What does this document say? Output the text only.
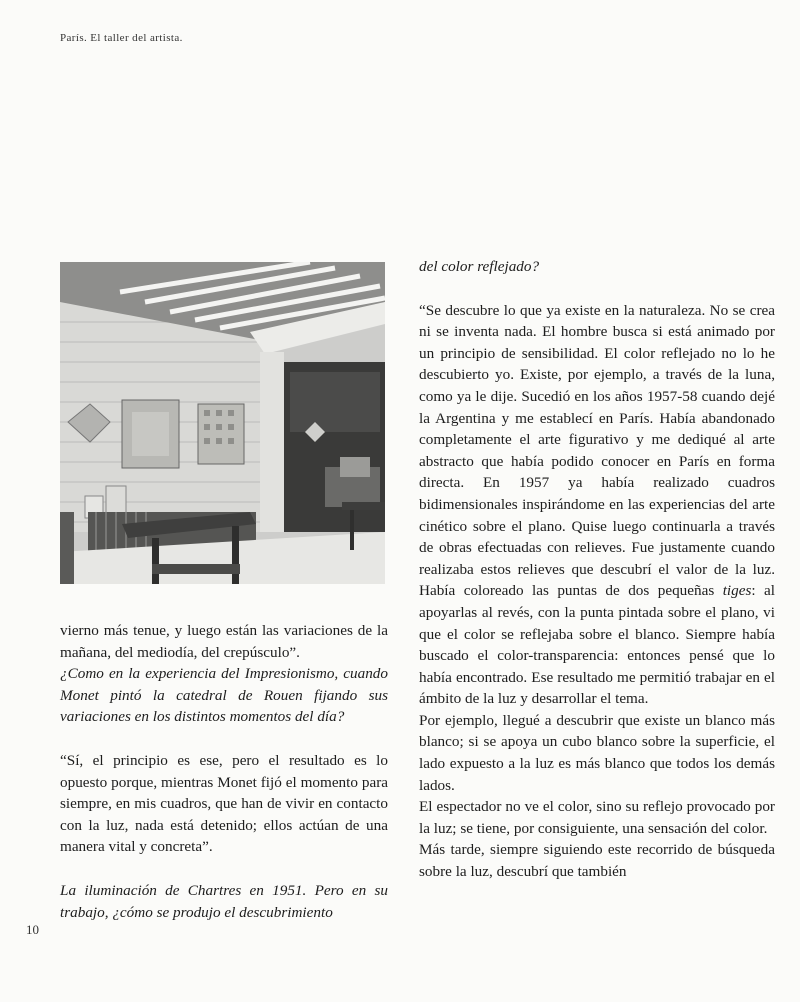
París. El taller del artista.

vierno más tenue, y luego están las variaciones de la mañana, del mediodía, del crepúsculo”.

¿Como en la experiencia del Impresionismo, cuando Monet pintó la catedral de Rouen fijando sus variaciones en los distintos momentos del día?

“Sí, el principio es ese, pero el resultado es lo opuesto porque, mientras Monet fijó el momento para siempre, en mis cuadros, que han de vivir en contacto con la luz, nada está detenido; ellos actúan de una manera vital y concreta”.

La iluminación de Chartres en 1951. Pero en su trabajo, ¿cómo se produjo el descubrimiento

del color reflejado?

“Se descubre lo que ya existe en la naturaleza. No se crea ni se inventa nada. El hombre busca si está animado por un principio de sensibilidad. El color reflejado no lo he descubierto yo. Existe, por ejemplo, a través de la luna, como ya le dije. Sucedió en los años 1957-58 cuando dejé la Argentina y me establecí en París. Había abandonado completamente el arte figurativo y me dediqué al arte abstracto que había podido conocer en París en forma directa. En 1957 ya había realizado cuadros bidimensionales inspirándome en las experiencias del arte cinético sobre el plano. Quise luego continuarla a través de obras efectuadas con relieves. Fue justamente cuando realizaba estos relieves que descubrí el valor de la luz. Había coloreado las puntas de dos pequeñas tiges: al apoyarlas al revés, con la punta pintada sobre el plano, vi que el color se reflejaba sobre el blanco. Siempre había buscado el color-transparencia: entonces pensé que lo había encontrado. Ese resultado me permitió trabajar en el ámbito de la luz y desarrollar el tema.

Por ejemplo, llegué a descubrir que existe un blanco más blanco; si se apoya un cubo blanco sobre la superficie, el lado expuesto a la luz es más blanco que todos los demás lados.

El espectador no ve el color, sino su reflejo provocado por la luz; se tiene, por consiguiente, una sensación del color.

Más tarde, siempre siguiendo este recorrido de búsqueda sobre la luz, descubrí que también

10
